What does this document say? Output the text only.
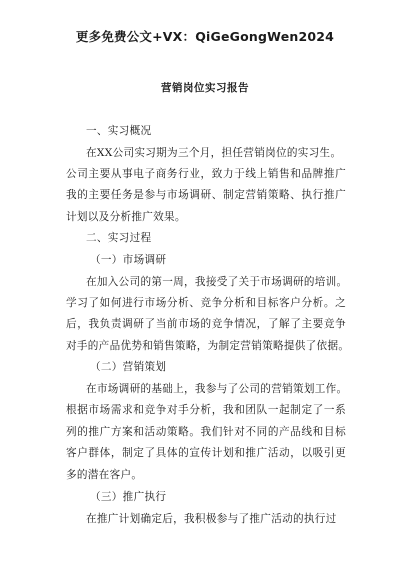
更多免费公文+VX：QiGeGongWen2024
营销岗位实习报告
一、实习概况
在XX公司实习期为三个月，担任营销岗位的实习生。
公司主要从事电子商务行业，致力于线上销售和品牌推广
我的主要任务是参与市场调研、制定营销策略、执行推广
计划以及分析推广效果。
二、实习过程
（一）市场调研
在加入公司的第一周，我接受了关于市场调研的培训。
学习了如何进行市场分析、竞争分析和目标客户分析。之
后，我负责调研了当前市场的竞争情况，了解了主要竞争
对手的产品优势和销售策略，为制定营销策略提供了依据。
（二）营销策划
在市场调研的基础上，我参与了公司的营销策划工作。
根据市场需求和竞争对手分析，我和团队一起制定了一系
列的推广方案和活动策略。我们针对不同的产品线和目标
客户群体，制定了具体的宣传计划和推广活动，以吸引更
多的潜在客户。
（三）推广执行
在推广计划确定后，我积极参与了推广活动的执行过
